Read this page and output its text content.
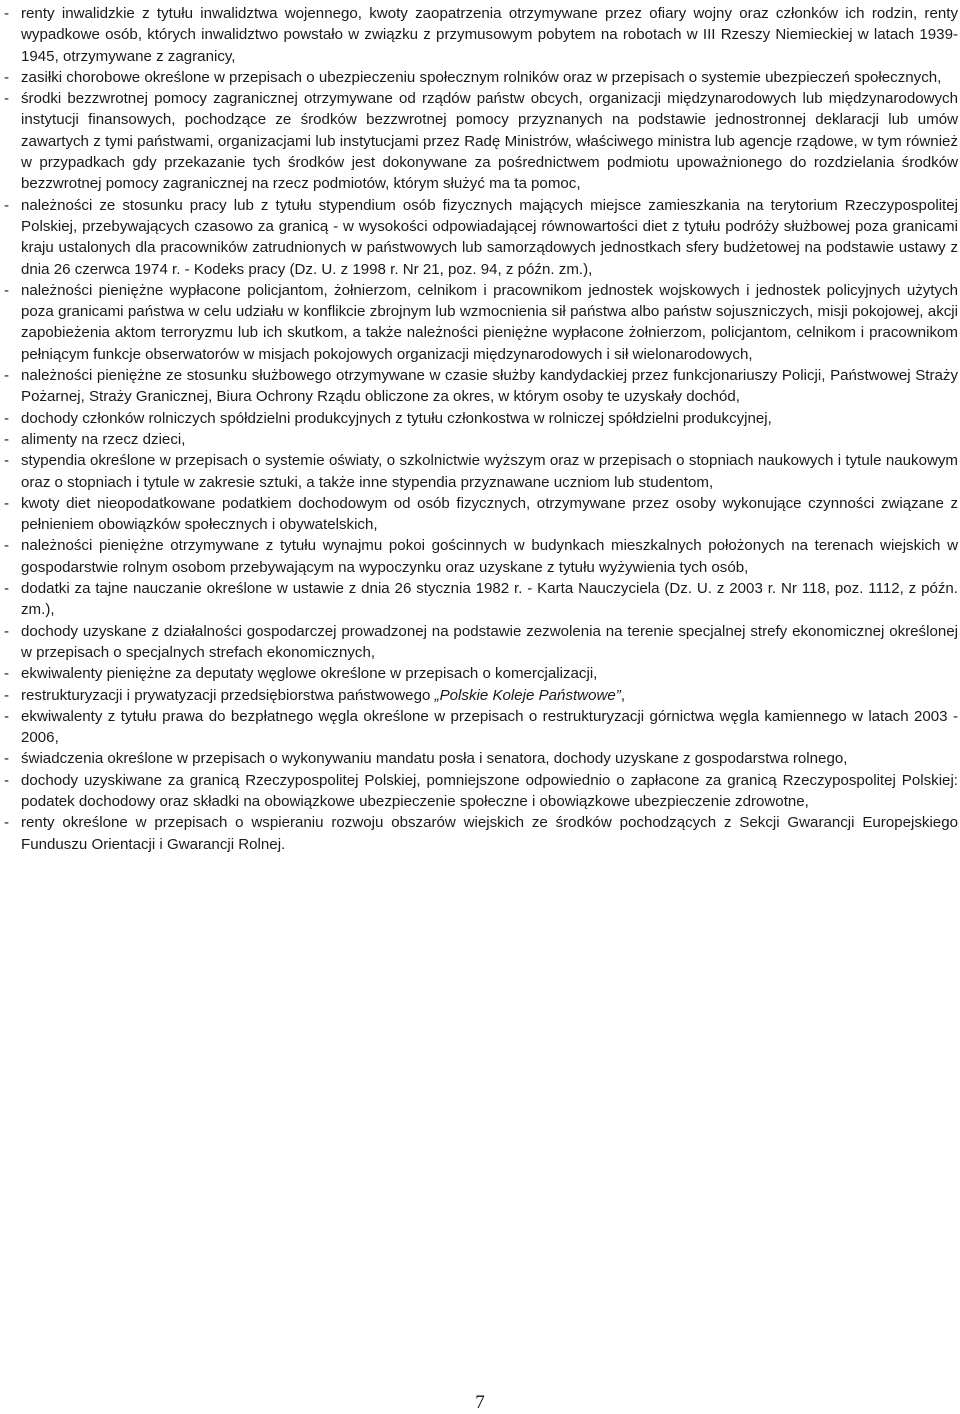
- renty inwalidzkie z tytułu inwalidztwa wojennego, kwoty zaopatrzenia otrzymywane przez ofiary wojny oraz członków ich rodzin, renty wypadkowe osób, których inwalidztwo powstało w związku z przymusowym pobytem na robotach w III Rzeszy Niemieckiej w latach 1939-1945, otrzymywane z zagranicy,
- zasiłki chorobowe określone w przepisach o ubezpieczeniu społecznym rolników oraz w przepisach o systemie ubezpieczeń społecznych,
- środki bezzwrotnej pomocy zagranicznej otrzymywane od rządów państw obcych, organizacji międzynarodowych lub międzynarodowych instytucji finansowych, pochodzące ze środków bezzwrotnej pomocy przyznanych na podstawie jednostronnej deklaracji lub umów zawartych z tymi państwami, organizacjami lub instytucjami przez Radę Ministrów, właściwego ministra lub agencje rządowe, w tym również w przypadkach gdy przekazanie tych środków jest dokonywane za pośrednictwem podmiotu upoważnionego do rozdzielania środków bezzwrotnej pomocy zagranicznej na rzecz podmiotów, którym służyć ma ta pomoc,
- należności ze stosunku pracy lub z tytułu stypendium osób fizycznych mających miejsce zamieszkania na terytorium Rzeczypospolitej Polskiej, przebywających czasowo za granicą - w wysokości odpowiadającej równowartości diet z tytułu podróży służbowej poza granicami kraju ustalonych dla pracowników zatrudnionych w państwowych lub samorządowych jednostkach sfery budżetowej na podstawie ustawy z dnia 26 czerwca 1974 r. - Kodeks pracy (Dz. U. z 1998 r. Nr 21, poz. 94, z późn. zm.),
- należności pieniężne wypłacone policjantom, żołnierzom, celnikom i pracownikom jednostek wojskowych i jednostek policyjnych użytych poza granicami państwa w celu udziału w konflikcie zbrojnym lub wzmocnienia sił państwa albo państw sojuszniczych, misji pokojowej, akcji zapobieżenia aktom terroryzmu lub ich skutkom, a także należności pieniężne wypłacone żołnierzom, policjantom, celnikom i pracownikom pełniącym funkcje obserwatorów w misjach pokojowych organizacji międzynarodowych i sił wielonarodowych,
- należności pieniężne ze stosunku służbowego otrzymywane w czasie służby kandydackiej przez funkcjonariuszy Policji, Państwowej Straży Pożarnej, Straży Granicznej, Biura Ochrony Rządu obliczone za okres, w którym osoby te uzyskały dochód,
- dochody członków rolniczych spółdzielni produkcyjnych z tytułu członkostwa w rolniczej spółdzielni produkcyjnej,
- alimenty na rzecz dzieci,
- stypendia określone w przepisach o systemie oświaty, o szkolnictwie wyższym oraz w przepisach o stopniach naukowych i tytule naukowym oraz o stopniach i tytule w zakresie sztuki, a także inne stypendia przyznawane uczniom lub studentom,
- kwoty diet nieopodatkowane podatkiem dochodowym od osób fizycznych, otrzymywane przez osoby wykonujące czynności związane z pełnieniem obowiązków społecznych i obywatelskich,
- należności pieniężne otrzymywane z tytułu wynajmu pokoi gościnnych w budynkach mieszkalnych położonych na terenach wiejskich w gospodarstwie rolnym osobom przebywającym na wypoczynku oraz uzyskane z tytułu wyżywienia tych osób,
- dodatki za tajne nauczanie określone w ustawie z dnia 26 stycznia 1982 r. - Karta Nauczyciela (Dz. U. z 2003 r. Nr 118, poz. 1112, z późn. zm.),
- dochody uzyskane z działalności gospodarczej prowadzonej na podstawie zezwolenia na terenie specjalnej strefy ekonomicznej określonej w przepisach o specjalnych strefach ekonomicznych,
- ekwiwalenty pieniężne za deputaty węglowe określone w przepisach o komercjalizacji,
- restrukturyzacji i prywatyzacji przedsiębiorstwa państwowego „Polskie Koleje Państwowe”,
- ekwiwalenty z tytułu prawa do bezpłatnego węgla określone w przepisach o restrukturyzacji górnictwa węgla kamiennego w latach 2003 - 2006,
- świadczenia określone w przepisach o wykonywaniu mandatu posła i senatora, dochody uzyskane z gospodarstwa rolnego,
- dochody uzyskiwane za granicą Rzeczypospolitej Polskiej, pomniejszone odpowiednio o zapłacone za granicą Rzeczypospolitej Polskiej: podatek dochodowy oraz składki na obowiązkowe ubezpieczenie społeczne i obowiązkowe ubezpieczenie zdrowotne,
- renty określone w przepisach o wspieraniu rozwoju obszarów wiejskich ze środków pochodzących z Sekcji Gwarancji Europejskiego Funduszu Orientacji i Gwarancji Rolnej.
7
